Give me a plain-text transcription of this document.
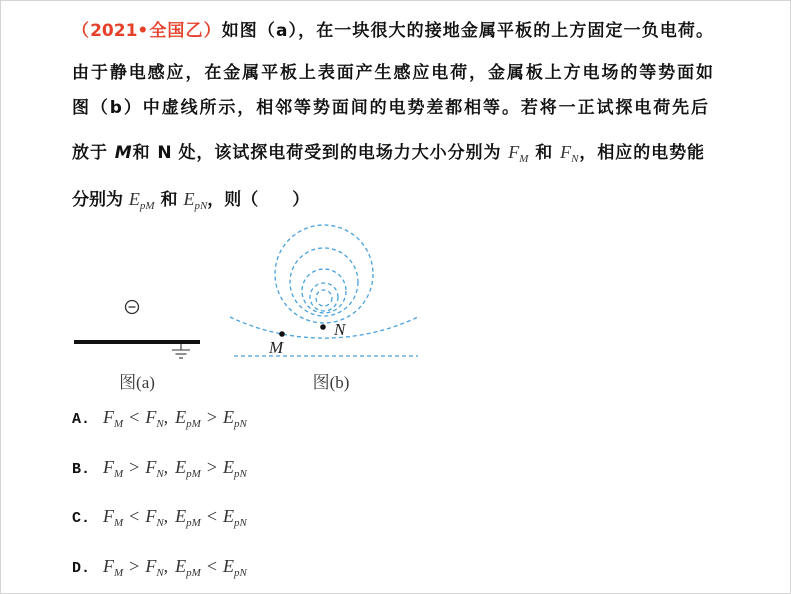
（2021•全国乙）如图（a），在一块很大的接地金属平板的上方固定一负电荷。
由于静电感应，在金属平板上表面产生感应电荷，金属板上方电场的等势面如
图（b）中虚线所示，相邻等势面间的电势差都相等。若将一正试探电荷先后
放于 M和 N 处，该试探电荷受到的电场力大小分别为 $F_M$ 和 $F_N$，相应的电势能
分别为 $E_{pM}$ 和 $E_{pN}$，则（　　）
图(a)
M
N
图(b)
A. $F_M < F_N$, $E_{pM} > E_{pN}$
B. $F_M > F_N$, $E_{pM} > E_{pN}$
C. $F_M < F_N$, $E_{pM} < E_{pN}$
D. $F_M > F_N$, $E_{pM} < E_{pN}$
